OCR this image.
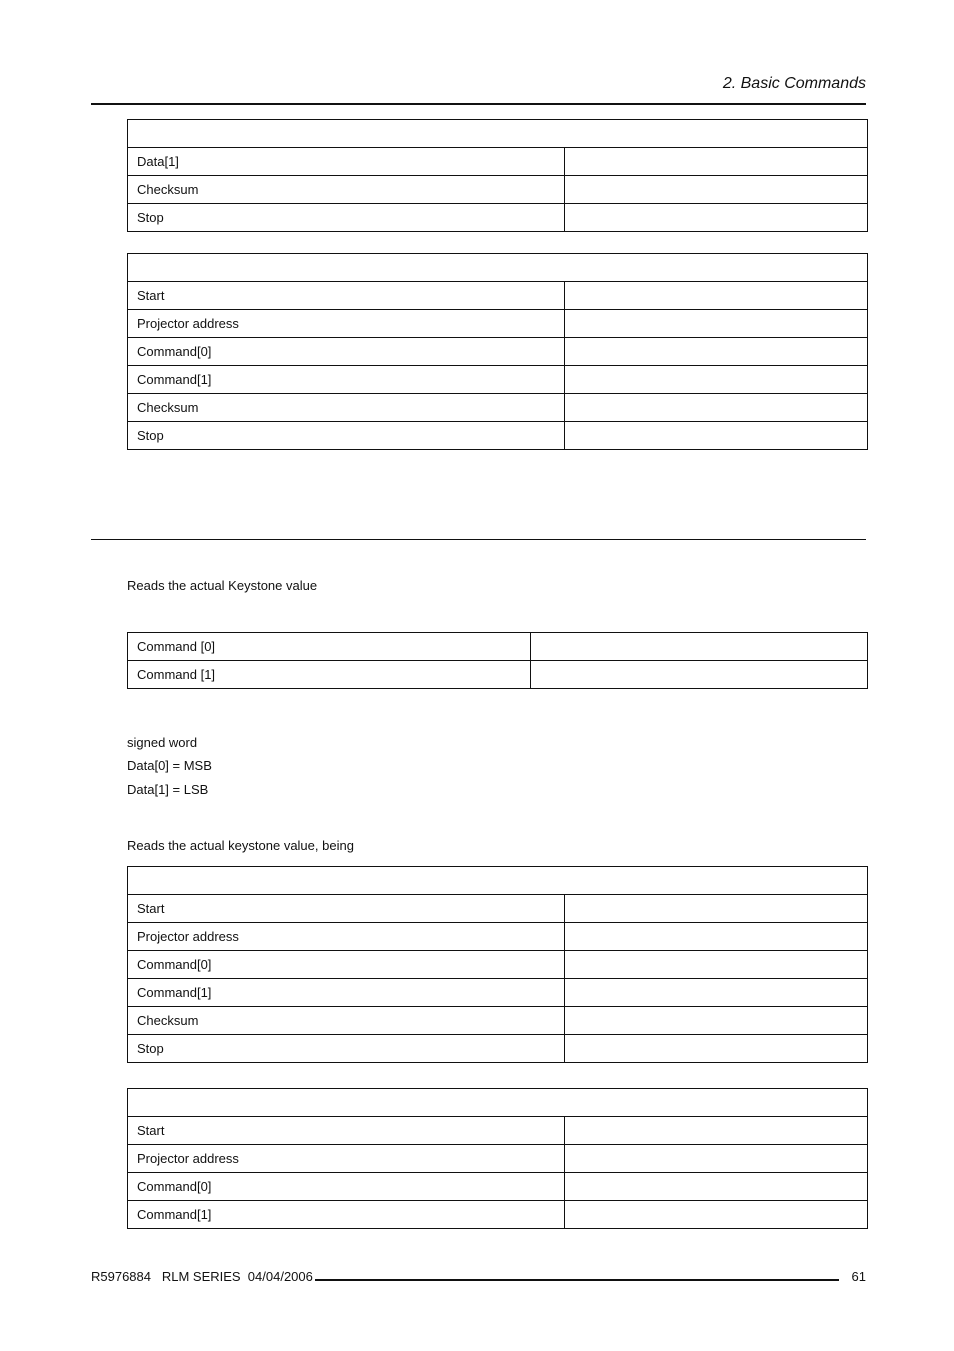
2. Basic Commands

Data[1]	
Checksum	
Stop	

Start	
Projector address	
Command[0]	
Command[1]	
Checksum	
Stop	
Reads the actual Keystone value
Command [0]	
Command [1]	
signed word
Data[0] = MSB
Data[1] = LSB
Reads the actual keystone value, being

Start	
Projector address	
Command[0]	
Command[1]	
Checksum	
Stop	

Start	
Projector address	
Command[0]	
Command[1]	
R5976884   RLM SERIES  04/04/2006	61
